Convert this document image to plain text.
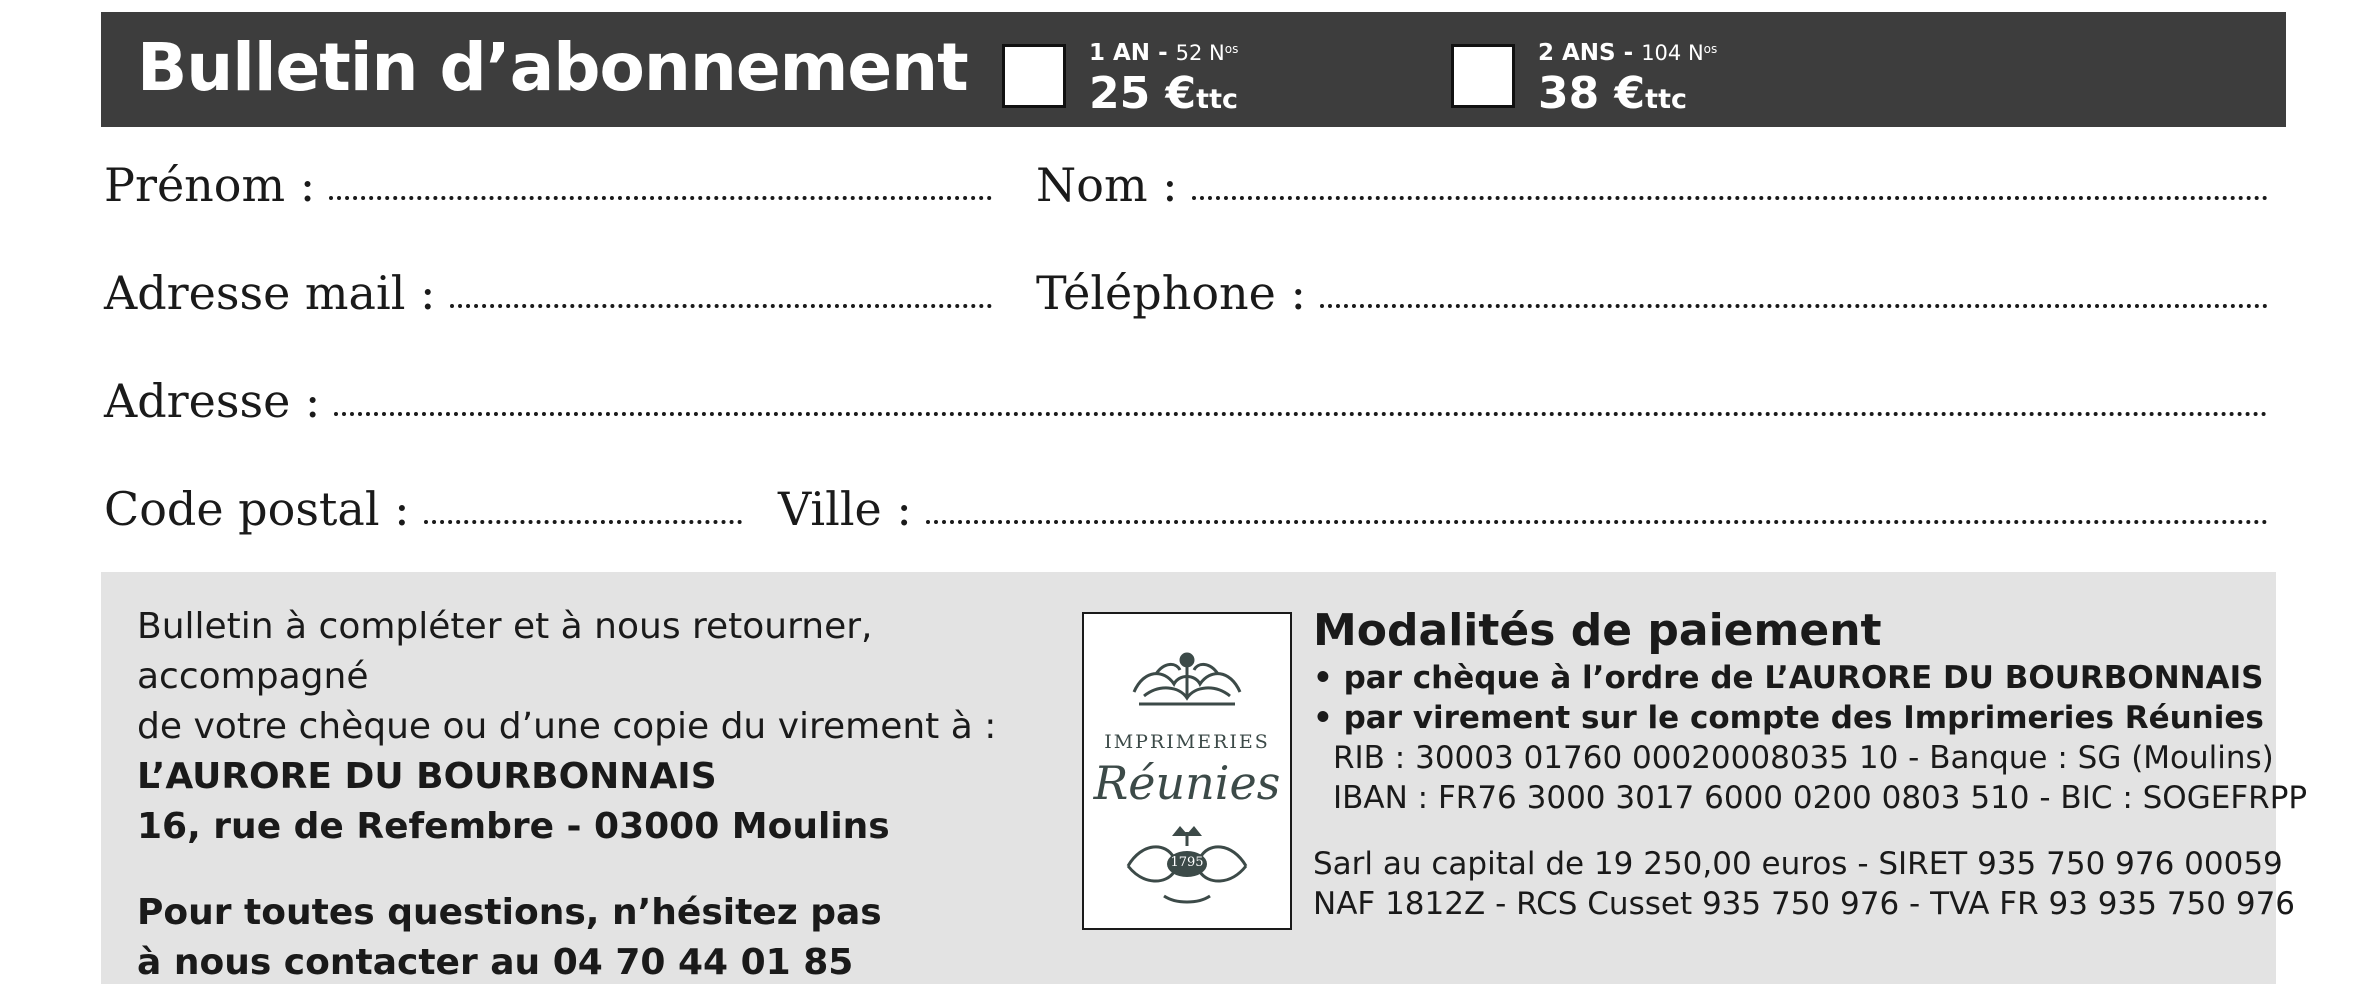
Bulletin d’abonnement	1 AN - 52 $N^{os}$
25 €ttc
2 ANS - 104 $N^{os}$
38 €ttc
Prénom :	Nom :
Adresse mail :	Téléphone :
Adresse :
Code postal :	Ville :
Bulletin à compléter et à nous retourner, accompagné
de votre chèque ou d’une copie du virement à :
L’AURORE DU BOURBONNAIS
16, rue de Refembre - 03000 Moulins
Pour toutes questions, n’hésitez pas
à nous contacter au 04 70 44 01 85
IMPRIMERIES
Réunies
1795
Modalités de paiement
• par chèque à l’ordre de L’AURORE DU BOURBONNAIS
• par virement sur le compte des Imprimeries Réunies
RIB : 30003 01760 00020008035 10 - Banque : SG (Moulins)
IBAN : FR76 3000 3017 6000 0200 0803 510 - BIC : SOGEFRPP
Sarl au capital de 19 250,00 euros - SIRET 935 750 976 00059
NAF 1812Z - RCS Cusset 935 750 976 - TVA FR 93 935 750 976
